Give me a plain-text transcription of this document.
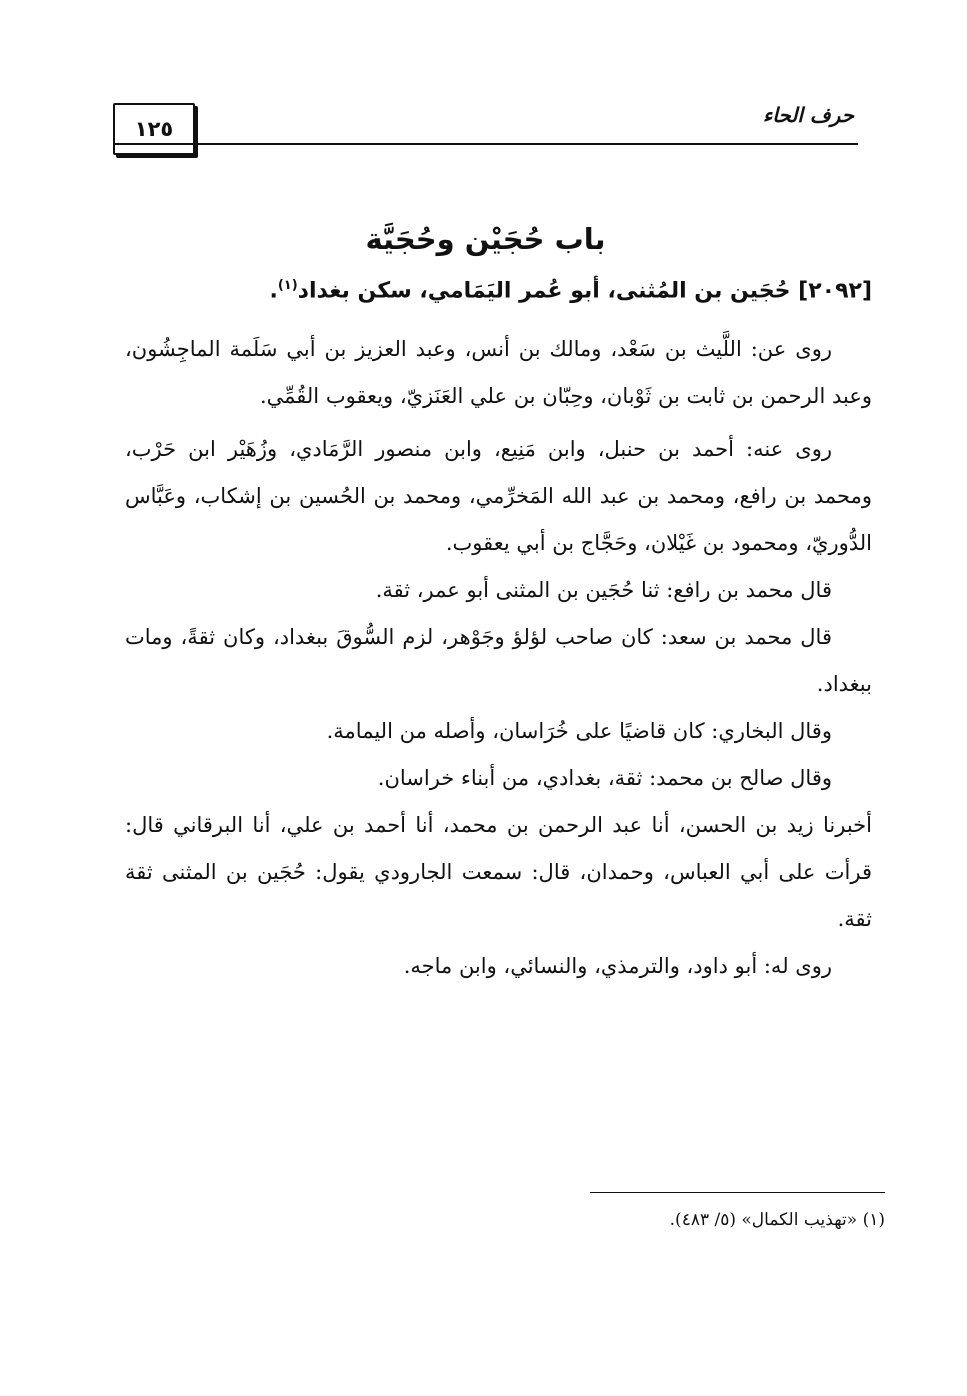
حرف الحاء
١٢٥
باب حُجَيْن وحُجَيَّة
[٢٠٩٢] حُجَين بن المُثنى، أبو عُمر اليَمَامي، سكن بغداد$^{(١)}$.

روى عن: اللَّيث بن سَعْد، ومالك بن أنس، وعبد العزيز بن أبي سَلَمة الماجِشُون، وعبد الرحمن بن ثابت بن ثَوْبان، وحِبّان بن علي العَنَزيّ، ويعقوب القُمِّي.

روى عنه: أحمد بن حنبل، وابن مَنِيع، وابن منصور الرَّمَادي، وزُهَيْر ابن حَرْب، ومحمد بن رافع، ومحمد بن عبد الله المَخرِّمي، ومحمد بن الحُسين بن إشكاب، وعَبَّاس الدُّوريّ، ومحمود بن غَيْلان، وحَجَّاج بن أبي يعقوب.

قال محمد بن رافع: ثنا حُجَين بن المثنى أبو عمر، ثقة.

قال محمد بن سعد: كان صاحب لؤلؤ وجَوْهر، لزم السُّوقَ ببغداد، وكان ثقةً، ومات ببغداد.

وقال البخاري: كان قاضيًا على خُرَاسان، وأصله من اليمامة.

وقال صالح بن محمد: ثقة، بغدادي، من أبناء خراسان.

أخبرنا زيد بن الحسن، أنا عبد الرحمن بن محمد، أنا أحمد بن علي، أنا البرقاني قال: قرأت على أبي العباس، وحمدان، قال: سمعت الجارودي يقول: حُجَين بن المثنى ثقة ثقة.

روى له: أبو داود، والترمذي، والنسائي، وابن ماجه.

(١) «تهذيب الكمال» (٥/ ٤٨٣).
